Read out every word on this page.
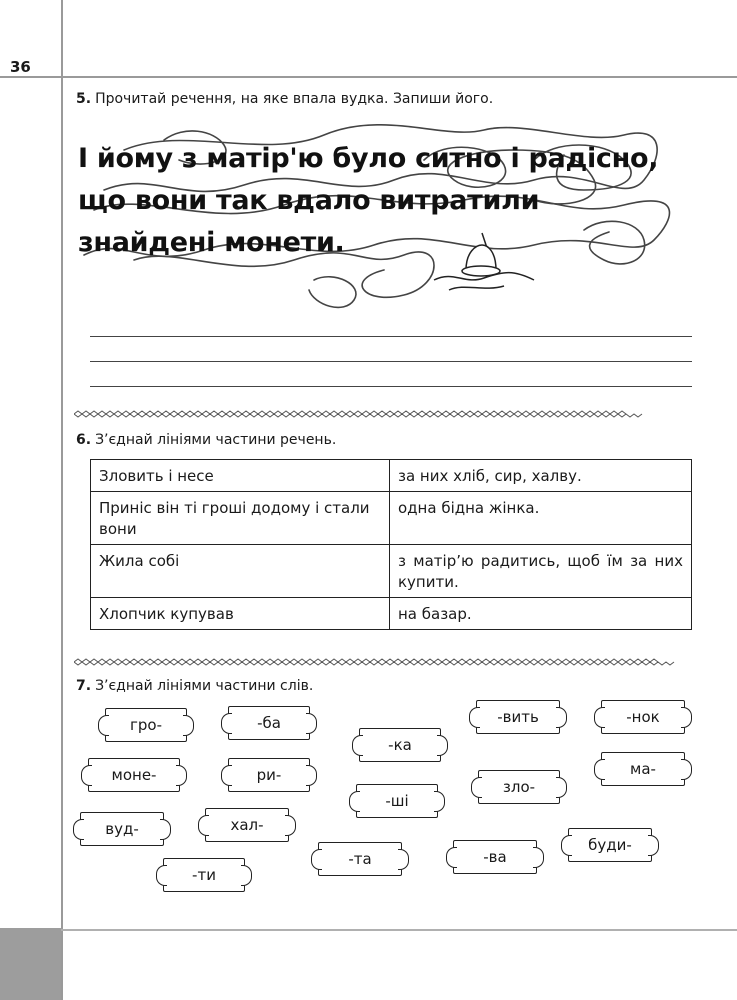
36
5. Прочитай речення, на яке впала вудка. Запиши його.
I йому з матір'ю було ситно і радісно,
що вони так вдало витратили
знайдені монети.
6. З’єднай лініями частини речень.
Зловить і несе	за них хліб, сир, халву.
Приніс він ті гроші додому і стали вони	одна бідна жінка.
Жила собі	з матір’ю радитись, щоб їм за них купити.
Хлопчик купував	на базар.
7. З’єднай лініями частини слів.
гро-	-ба
-ка
-вить	-нок
моне-	ри-
-ші
зло-
ма-
вуд-	хал-
-та	-ва
буди-
-ти
